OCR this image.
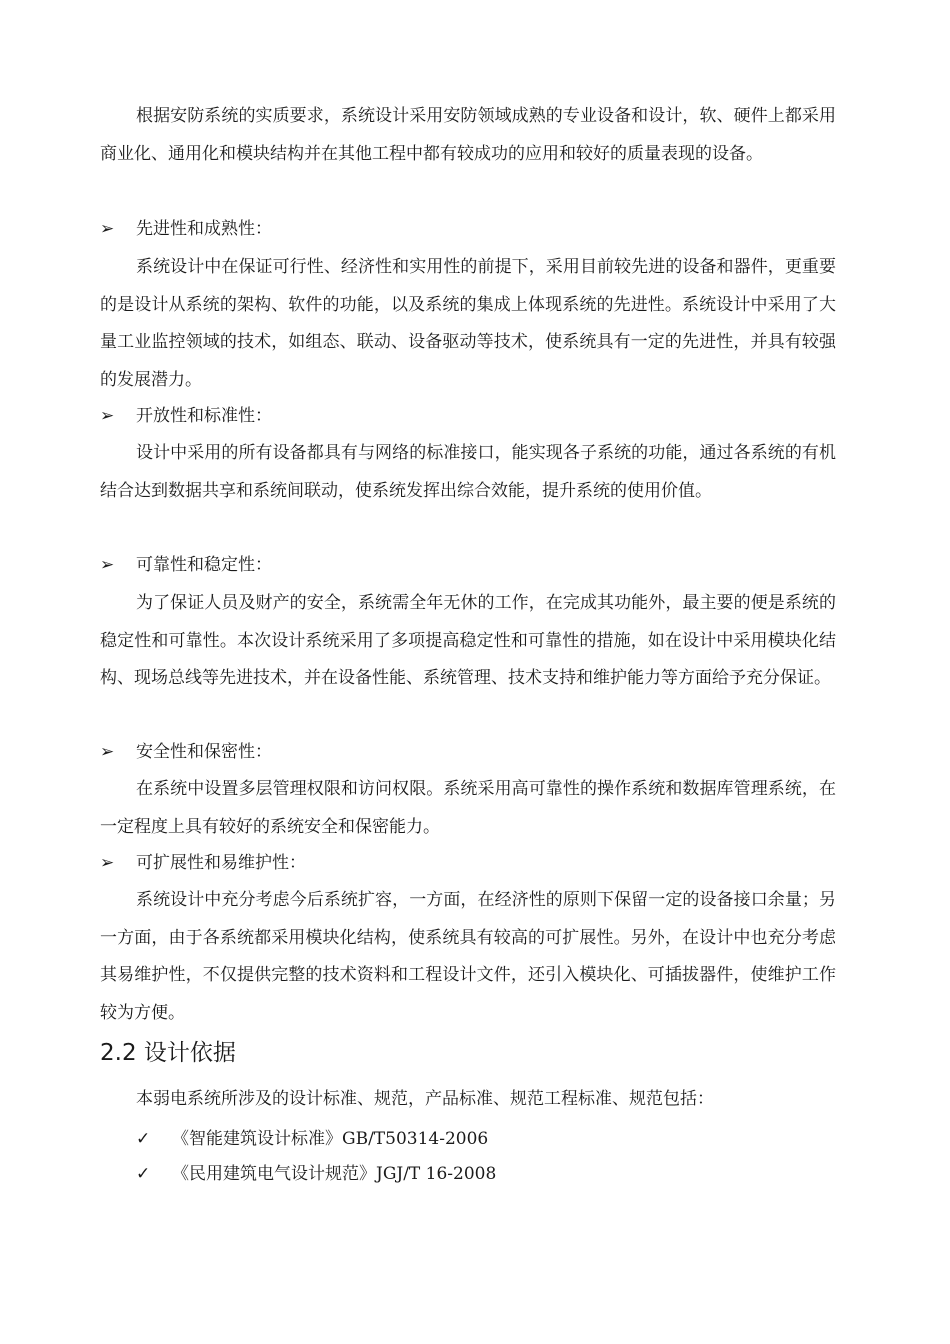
根据安防系统的实质要求，系统设计采用安防领域成熟的专业设备和设计，软、硬件上都采用商业化、通用化和模块结构并在其他工程中都有较成功的应用和较好的质量表现的设备。
➢	先进性和成熟性：
系统设计中在保证可行性、经济性和实用性的前提下，采用目前较先进的设备和器件，更重要的是设计从系统的架构、软件的功能，以及系统的集成上体现系统的先进性。系统设计中采用了大量工业监控领域的技术，如组态、联动、设备驱动等技术，使系统具有一定的先进性，并具有较强的发展潜力。
➢	开放性和标准性：
设计中采用的所有设备都具有与网络的标准接口，能实现各子系统的功能，通过各系统的有机结合达到数据共享和系统间联动，使系统发挥出综合效能，提升系统的使用价值。
➢	可靠性和稳定性：
为了保证人员及财产的安全，系统需全年无休的工作，在完成其功能外，最主要的便是系统的稳定性和可靠性。本次设计系统采用了多项提高稳定性和可靠性的措施，如在设计中采用模块化结构、现场总线等先进技术，并在设备性能、系统管理、技术支持和维护能力等方面给予充分保证。
➢	安全性和保密性：
在系统中设置多层管理权限和访问权限。系统采用高可靠性的操作系统和数据库管理系统，在一定程度上具有较好的系统安全和保密能力。
➢	可扩展性和易维护性：
系统设计中充分考虑今后系统扩容，一方面，在经济性的原则下保留一定的设备接口余量；另一方面，由于各系统都采用模块化结构，使系统具有较高的可扩展性。另外，在设计中也充分考虑其易维护性，不仅提供完整的技术资料和工程设计文件，还引入模块化、可插拔器件，使维护工作较为方便。
2.2 设计依据
本弱电系统所涉及的设计标准、规范，产品标准、规范工程标准、规范包括：
✓	《智能建筑设计标准》GB/T50314-2006
✓	《民用建筑电气设计规范》JGJ/T 16-2008
